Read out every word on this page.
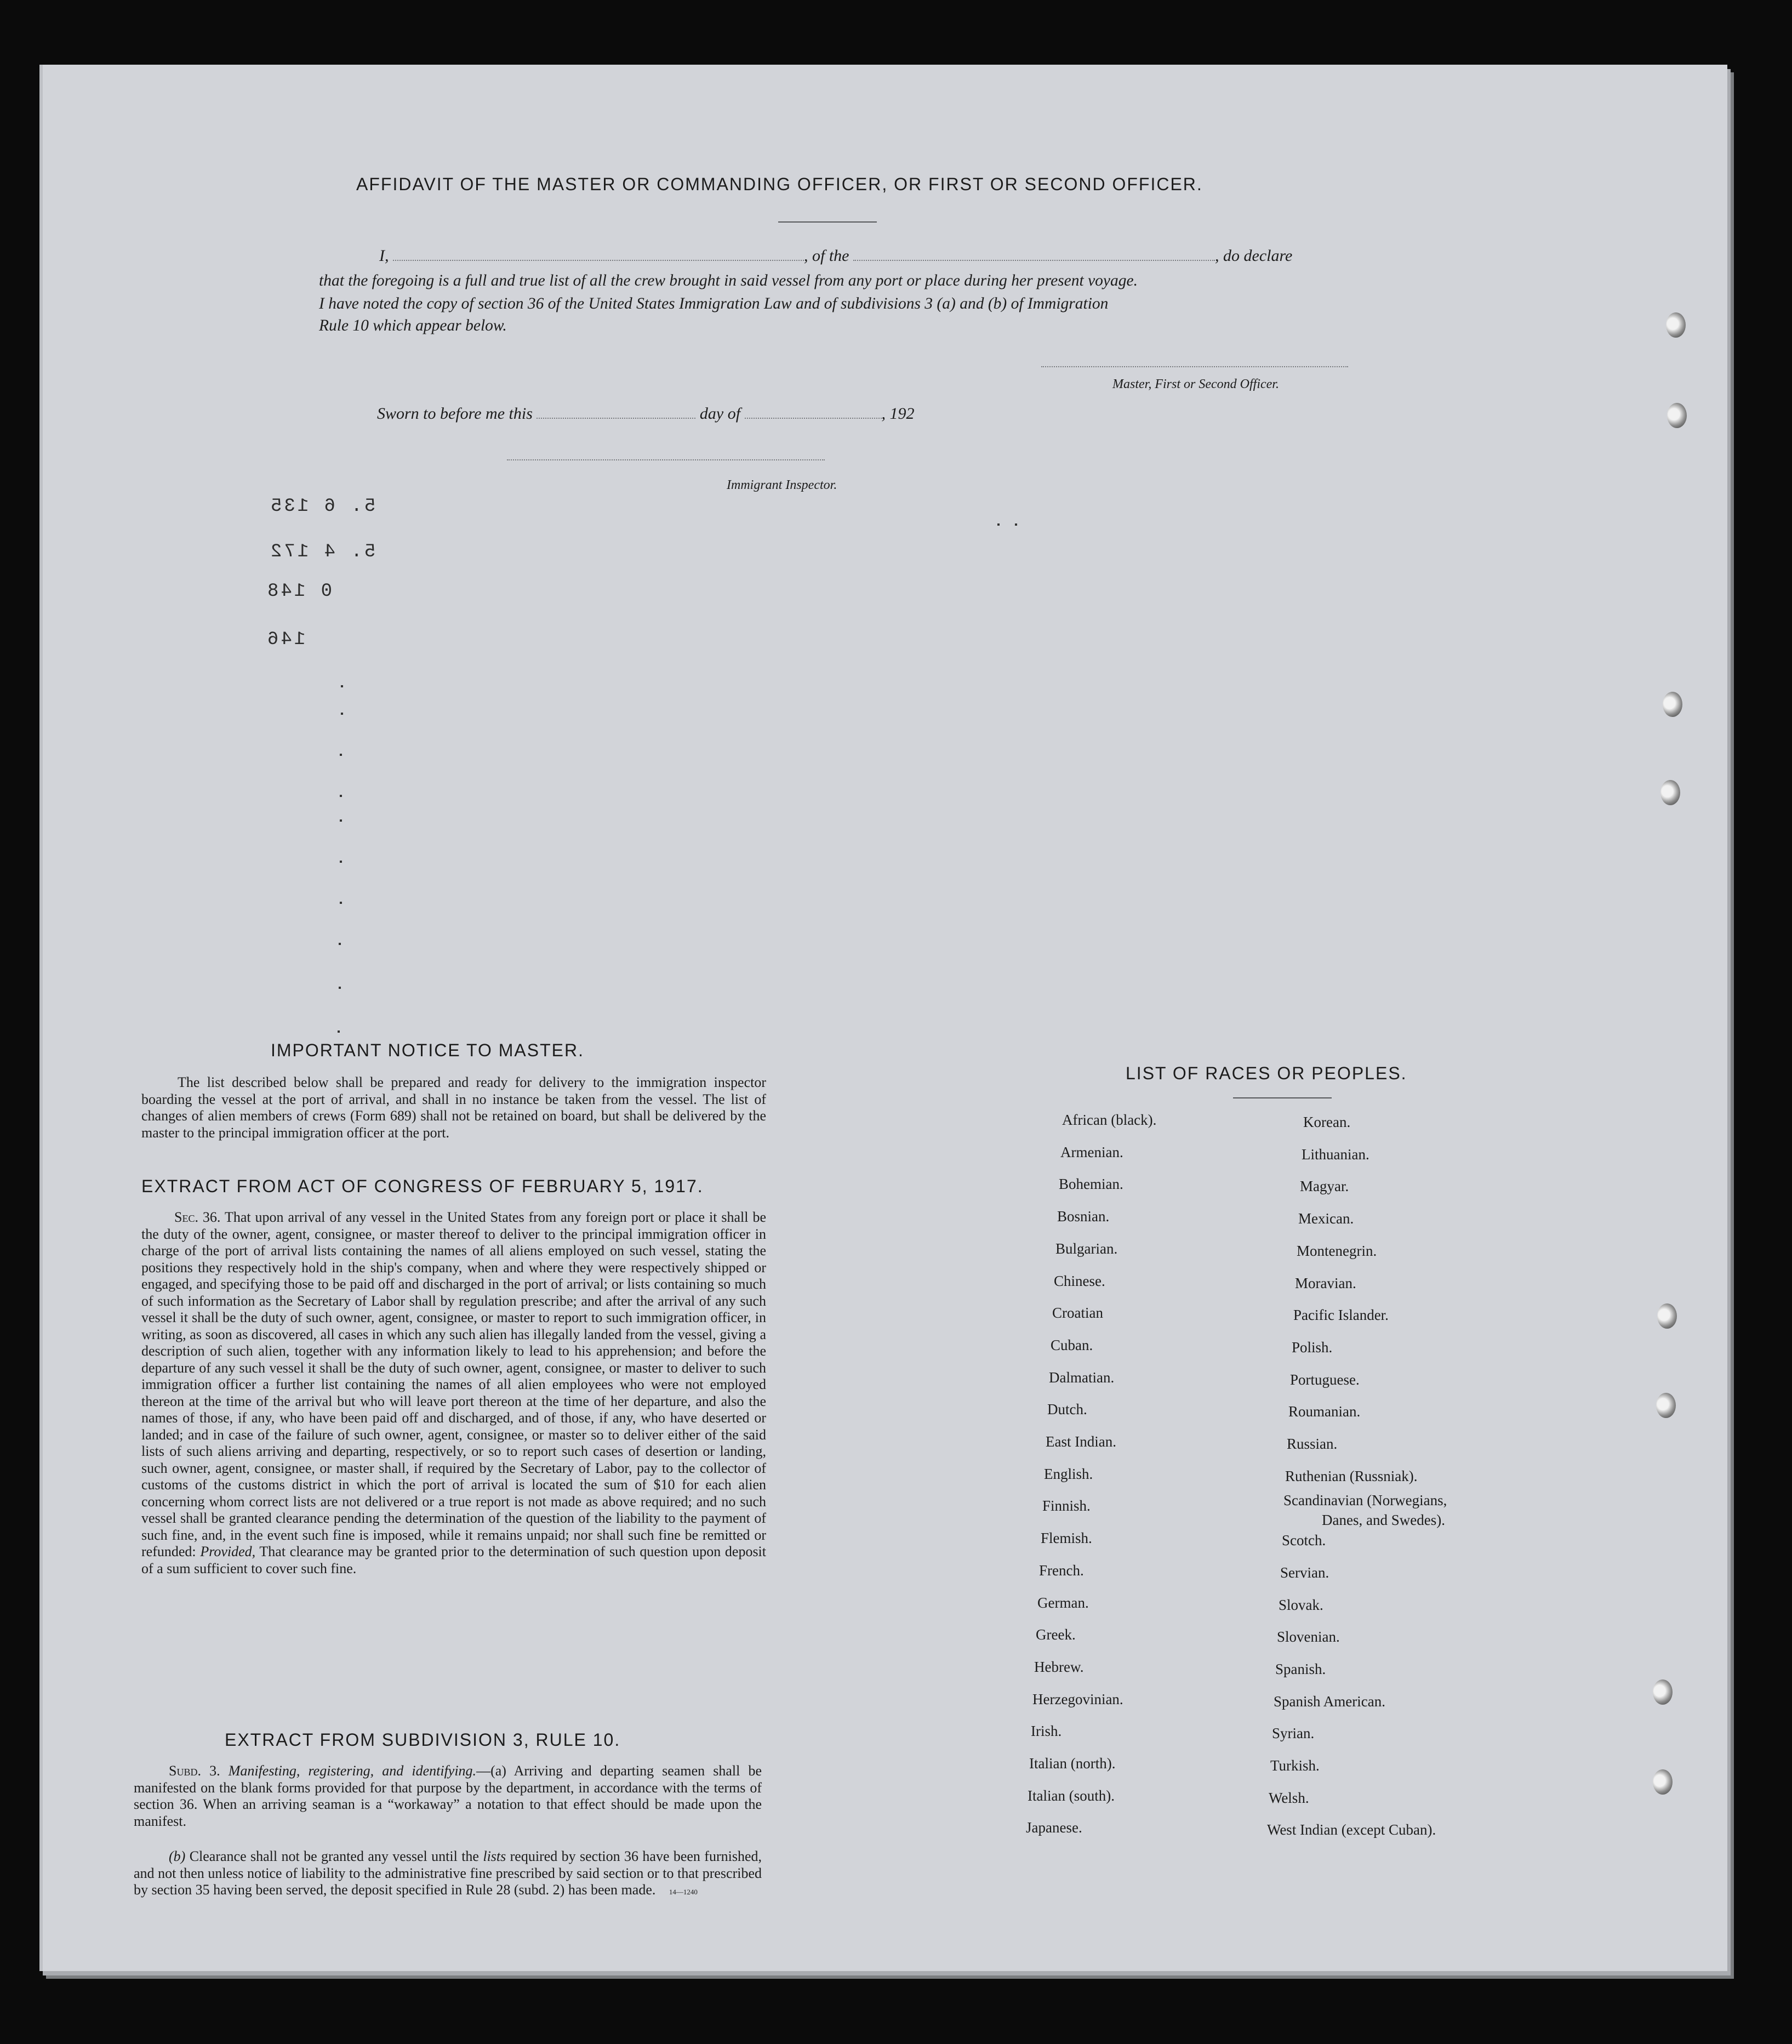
AFFIDAVIT OF THE MASTER OR COMMANDING OFFICER, OR FIRST OR SECOND OFFICER.
I,	, of the	, do declare
that the foregoing is a full and true list of all the crew brought in said vessel from any port or place during her present voyage.
I have noted the copy of section 36 of the United States Immigration Law and of subdivisions 3 (a) and (b) of Immigration
Rule 10 which appear below.
Master, First or Second Officer.
Sworn to before me this	day of	, 192
Immigrant Inspector.
5. 6 135
5. 4 172
0 148
146
IMPORTANT NOTICE TO MASTER.
The list described below shall be prepared and ready for delivery to the immigration inspector boarding the vessel at the port of arrival, and shall in no instance be taken from the vessel. The list of changes of alien members of crews (Form 689) shall not be retained on board, but shall be delivered by the master to the principal immigration officer at the port.
EXTRACT FROM ACT OF CONGRESS OF FEBRUARY 5, 1917.
Sec. 36. That upon arrival of any vessel in the United States from any foreign port or place it shall be the duty of the owner, agent, consignee, or master thereof to deliver to the principal immigration officer in charge of the port of arrival lists containing the names of all aliens employed on such vessel, stating the positions they respectively hold in the ship's company, when and where they were respectively shipped or engaged, and specifying those to be paid off and discharged in the port of arrival; or lists containing so much of such information as the Secretary of Labor shall by regulation prescribe; and after the arrival of any such vessel it shall be the duty of such owner, agent, consignee, or master to report to such immigration officer, in writing, as soon as discovered, all cases in which any such alien has illegally landed from the vessel, giving a description of such alien, together with any information likely to lead to his apprehension; and before the departure of any such vessel it shall be the duty of such owner, agent, consignee, or master to deliver to such immigration officer a further list containing the names of all alien employees who were not employed thereon at the time of the arrival but who will leave port thereon at the time of her departure, and also the names of those, if any, who have been paid off and discharged, and of those, if any, who have deserted or landed; and in case of the failure of such owner, agent, consignee, or master so to deliver either of the said lists of such aliens arriving and departing, respectively, or so to report such cases of desertion or landing, such owner, agent, consignee, or master shall, if required by the Secretary of Labor, pay to the collector of customs of the customs district in which the port of arrival is located the sum of $10 for each alien concerning whom correct lists are not delivered or a true report is not made as above required; and no such vessel shall be granted clearance pending the determination of the question of the liability to the payment of such fine, and, in the event such fine is imposed, while it remains unpaid; nor shall such fine be remitted or refunded: Provided, That clearance may be granted prior to the determination of such question upon deposit of a sum sufficient to cover such fine.
EXTRACT FROM SUBDIVISION 3, RULE 10.
Subd. 3. Manifesting, registering, and identifying.—(a) Arriving and departing seamen shall be manifested on the blank forms provided for that purpose by the department, in accordance with the terms of section 36. When an arriving seaman is a “workaway” a notation to that effect should be made upon the manifest.
(b) Clearance shall not be granted any vessel until the lists required by section 36 have been furnished, and not then unless notice of liability to the administrative fine prescribed by said section or to that prescribed by section 35 having been served, the deposit specified in Rule 28 (subd. 2) has been made. 14—1240
LIST OF RACES OR PEOPLES.
African (black).
Armenian.
Bohemian.
Bosnian.
Bulgarian.
Chinese.
Croatian
Cuban.
Dalmatian.
Dutch.
East Indian.
English.
Finnish.
Flemish.
French.
German.
Greek.
Hebrew.
Herzegovinian.
Irish.
Italian (north).
Italian (south).
Japanese.
Korean.
Lithuanian.
Magyar.
Mexican.
Montenegrin.
Moravian.
Pacific Islander.
Polish.
Portuguese.
Roumanian.
Russian.
Ruthenian (Russniak).
Scandinavian (Norwegians,
Scotch.
Servian.
Slovak.
Slovenian.
Spanish.
Spanish American.
Syrian.
Turkish.
Welsh.
West Indian (except Cuban).
Danes, and Swedes).
